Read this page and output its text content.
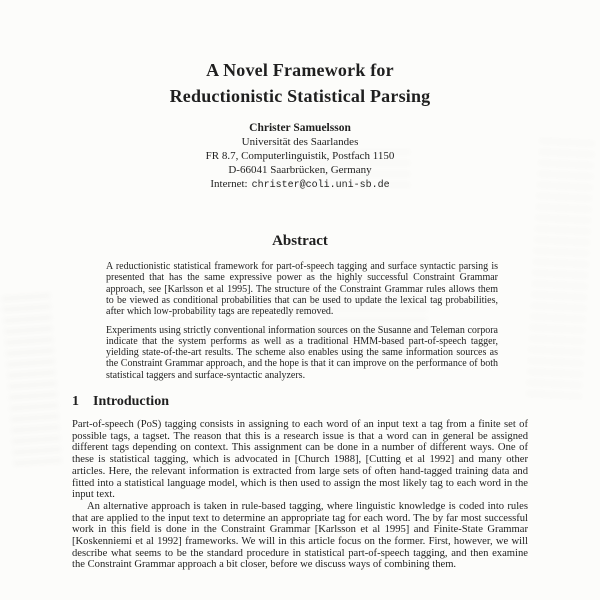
A Novel Framework for
Reductionistic Statistical Parsing
Christer Samuelsson
Universität des Saarlandes
FR 8.7, Computerlinguistik, Postfach 1150
D-66041 Saarbrücken, Germany
Internet: christer@coli.uni-sb.de
Abstract

A reductionistic statistical framework for part-of-speech tagging and surface syntactic parsing is presented that has the same expressive power as the highly successful Constraint Grammar approach, see [Karlsson et al 1995]. The structure of the Constraint Grammar rules allows them to be viewed as conditional probabilities that can be used to update the lexical tag probabilities, after which low-probability tags are repeatedly removed.

Experiments using strictly conventional information sources on the Susanne and Teleman corpora indicate that the system performs as well as a traditional HMM-based part-of-speech tagger, yielding state-of-the-art results. The scheme also enables using the same information sources as the Constraint Grammar approach, and the hope is that it can improve on the performance of both statistical taggers and surface-syntactic analyzers.

1 Introduction

Part-of-speech (PoS) tagging consists in assigning to each word of an input text a tag from a finite set of possible tags, a tagset. The reason that this is a research issue is that a word can in general be assigned different tags depending on context. This assignment can be done in a number of different ways. One of these is statistical tagging, which is advocated in [Church 1988], [Cutting et al 1992] and many other articles. Here, the relevant information is extracted from large sets of often hand-tagged training data and fitted into a statistical language model, which is then used to assign the most likely tag to each word in the input text.

An alternative approach is taken in rule-based tagging, where linguistic knowledge is coded into rules that are applied to the input text to determine an appropriate tag for each word. The by far most successful work in this field is done in the Constraint Grammar [Karlsson et al 1995] and Finite-State Grammar [Koskenniemi et al 1992] frameworks. We will in this article focus on the former. First, however, we will describe what seems to be the standard procedure in statistical part-of-speech tagging, and then examine the Constraint Grammar approach a bit closer, before we discuss ways of combining them.
